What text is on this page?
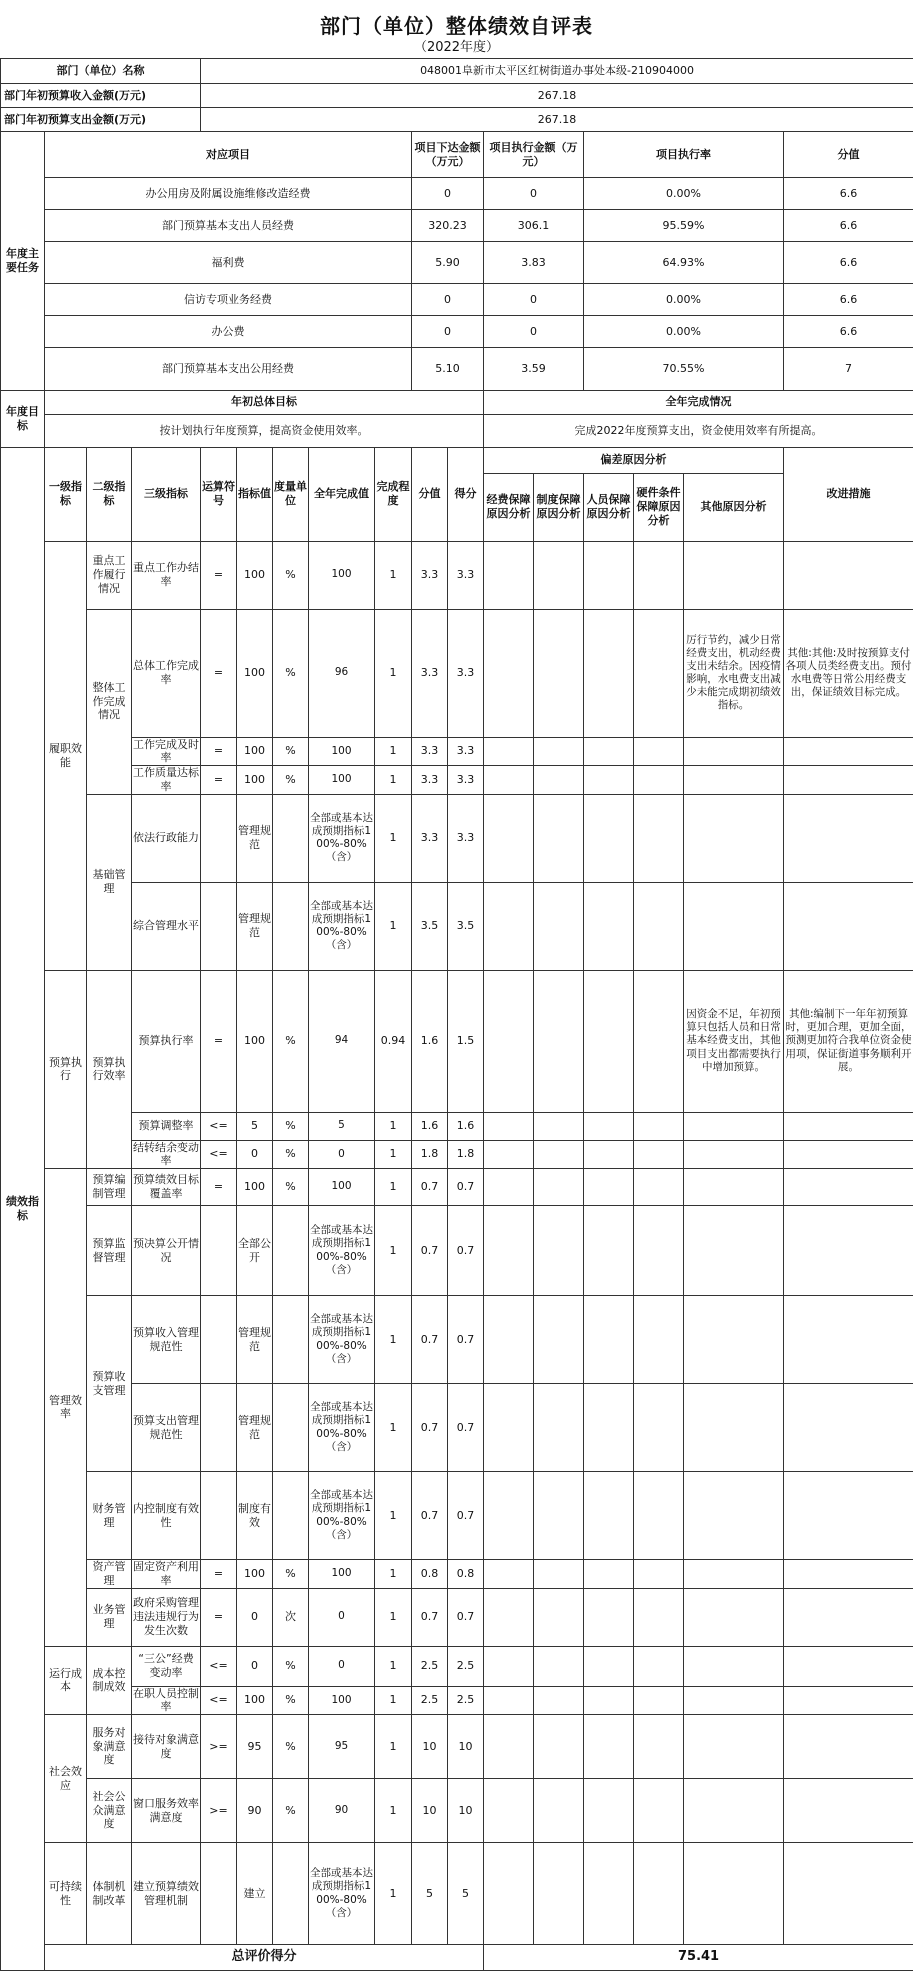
部门（单位）整体绩效自评表
（2022年度）
部门（单位）名称				048001阜新市太平区红树街道办事处本级-210904000													
部门年初预算收入金额(万元)				267.18													
部门年初预算支出金额(万元)				267.18													
年度主要任务	对应项目								项目下达金额（万元）		项目执行金额（万元）		项目执行率			分值	
	办公用房及附属设施维修改造经费								0		0		0.00%			6.6	
	部门预算基本支出人员经费								320.23		306.1		95.59%			6.6	
	福利费								5.90		3.83		64.93%			6.6	
	信访专项业务经费								0		0		0.00%			6.6	
	办公费								0		0		0.00%			6.6	
	部门预算基本支出公用经费								5.10		3.59		70.55%			7	
年度目标	年初总体目标										全年完成情况						
	按计划执行年度预算，提高资金使用效率。										完成2022年度预算支出，资金使用效率有所提高。						
绩效指标	一级指标	二级指标	三级指标	运算符号	指标值	度量单位	全年完成值	完成程度	分值	得分	偏差原因分析					改进措施	
											经费保障原因分析	制度保障原因分析	人员保障原因分析	硬件条件保障原因分析	其他原因分析		
	履职效能	重点工作履行情况	重点工作办结率	=	100	%	100	1	3.3	3.3							
		整体工作完成情况	总体工作完成率	=	100	%	96	1	3.3	3.3					厉行节约，减少日常经费支出，机动经费支出未结余。因疫情影响，水电费支出减少未能完成期初绩效指标。	其他:其他:及时按预算支付各项人员类经费支出。预付水电费等日常公用经费支出，保证绩效目标完成。	
			工作完成及时率	=	100	%	100	1	3.3	3.3							
			工作质量达标率	=	100	%	100	1	3.3	3.3							
		基础管理	依法行政能力		管理规范		全部或基本达成预期指标100%-80%（含）	1	3.3	3.3							
			综合管理水平		管理规范		全部或基本达成预期指标100%-80%（含）	1	3.5	3.5							
	预算执行	预算执行效率	预算执行率	=	100	%	94	0.94	1.6	1.5					因资金不足，年初预算只包括人员和日常基本经费支出，其他项目支出都需要执行中增加预算。	其他:编制下一年年初预算时，更加合理，更加全面，预测更加符合我单位资金使用项，保证街道事务顺利开展。	
			预算调整率	<=	5	%	5	1	1.6	1.6							
			结转结余变动率	<=	0	%	0	1	1.8	1.8							
	管理效率	预算编制管理	预算绩效目标覆盖率	=	100	%	100	1	0.7	0.7							
		预算监督管理	预决算公开情况		全部公开		全部或基本达成预期指标100%-80%（含）	1	0.7	0.7							
		预算收支管理	预算收入管理规范性		管理规范		全部或基本达成预期指标100%-80%（含）	1	0.7	0.7							
			预算支出管理规范性		管理规范		全部或基本达成预期指标100%-80%（含）	1	0.7	0.7							
		财务管理	内控制度有效性		制度有效		全部或基本达成预期指标100%-80%（含）	1	0.7	0.7							
		资产管理	固定资产利用率	=	100	%	100	1	0.8	0.8							
		业务管理	政府采购管理违法违规行为发生次数	=	0	次	0	1	0.7	0.7							
	运行成本	成本控制成效	“三公”经费变动率	<=	0	%	0	1	2.5	2.5							
			在职人员控制率	<=	100	%	100	1	2.5	2.5							
	社会效应	服务对象满意度	接待对象满意度	>=	95	%	95	1	10	10							
		社会公众满意度	窗口服务效率满意度	>=	90	%	90	1	10	10							
	可持续性	体制机制改革	建立预算绩效管理机制		建立		全部或基本达成预期指标100%-80%（含）	1	5	5							
	总评价得分										75.41						
